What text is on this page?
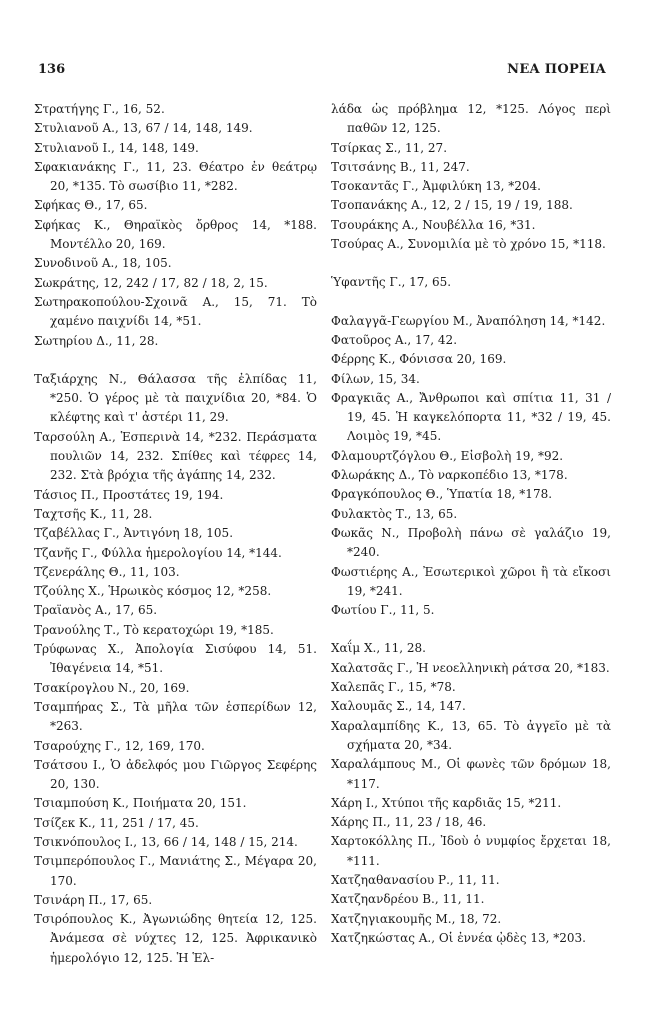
136	ΝΕΑ ΠΟΡΕΙΑ
Στρατήγης Γ., 16, 52.
Στυλιανοῦ Α., 13, 67 / 14, 148, 149.
Στυλιανοῦ Ι., 14, 148, 149.
Σφακιανάκης Γ., 11, 23. Θέατρο ἐν θεάτρῳ 20, *135. Τὸ σωσίβιο 11, *282.
Σφήκας Θ., 17, 65.
Σφήκας Κ., Θηραϊκὸς ὄρθρος 14, *188. Μοντέλλο 20, 169.
Συνοδινοῦ Α., 18, 105.
Σωκράτης, 12, 242 / 17, 82 / 18, 2, 15.
Σωτηρακοπούλου-Σχοινᾶ Α., 15, 71. Τὸ χαμένο παιχνίδι 14, *51.
Σωτηρίου Δ., 11, 28.
Ταξιάρχης Ν., Θάλασσα τῆς ἐλπίδας 11, *250. Ὁ γέρος μὲ τὰ παιχνίδια 20, *84. Ὁ κλέφτης καὶ τ' ἀστέρι 11, 29.
Ταρσούλη Α., Ἑσπερινὰ 14, *232. Περάσματα πουλιῶν 14, 232. Σπίθες καὶ τέφρες 14, 232. Στὰ βρόχια τῆς ἀγάπης 14, 232.
Τάσιος Π., Προστάτες 19, 194.
Ταχτσῆς Κ., 11, 28.
Τζαβέλλας Γ., Ἀντιγόνη 18, 105.
Τζανῆς Γ., Φύλλα ἡμερολογίου 14, *144.
Τζενεράλης Θ., 11, 103.
Τζούλης Χ., Ἡρωικὸς κόσμος 12, *258.
Τραϊανὸς Α., 17, 65.
Τρανούλης Τ., Τὸ κερατοχώρι 19, *185.
Τρύφωνας Χ., Ἀπολογία Σισύφου 14, 51. Ἰθαγένεια 14, *51.
Τσακίρογλου Ν., 20, 169.
Τσαμπήρας Σ., Τὰ μῆλα τῶν ἑσπερίδων 12, *263.
Τσαρούχης Γ., 12, 169, 170.
Τσάτσου Ι., Ὁ ἀδελφός μου Γιῶργος Σεφέρης 20, 130.
Τσιαμπούση Κ., Ποιήματα 20, 151.
Τσίζεκ Κ., 11, 251 / 17, 45.
Τσικνόπουλος Ι., 13, 66 / 14, 148 / 15, 214.
Τσιμπερόπουλος Γ., Μανιάτης Σ., Μέγαρα 20, 170.
Τσινάρη Π., 17, 65.
Τσιρόπουλος Κ., Ἀγωνιώδης θητεία 12, 125. Ἀνάμεσα σὲ νύχτες 12, 125. Ἀφρικανικὸ ἡμερολόγιο 12, 125. Ἡ Ἑλ-
λάδα ὡς πρόβλημα 12, *125. Λόγος περὶ παθῶν 12, 125.
Τσίρκας Σ., 11, 27.
Τσιτσάνης Β., 11, 247.
Τσοκαντᾶς Γ., Ἀμφιλύκη 13, *204.
Τσοπανάκης Α., 12, 2 / 15, 19 / 19, 188.
Τσουράκης Α., Νουβέλλα 16, *31.
Τσούρας Α., Συνομιλία μὲ τὸ χρόνο 15, *118.
Ὑφαντῆς Γ., 17, 65.
Φαλαγγᾶ-Γεωργίου Μ., Ἀναπόληση 14, *142.
Φατοῦρος Α., 17, 42.
Φέρρης Κ., Φόνισσα 20, 169.
Φίλων, 15, 34.
Φραγκιᾶς Α., Ἄνθρωποι καὶ σπίτια 11, 31 / 19, 45. Ἡ καγκελόπορτα 11, *32 / 19, 45. Λοιμὸς 19, *45.
Φλαμουρτζόγλου Θ., Εἰσβολὴ 19, *92.
Φλωράκης Δ., Τὸ ναρκοπέδιο 13, *178.
Φραγκόπουλος Θ., Ὑπατία 18, *178.
Φυλακτὸς Τ., 13, 65.
Φωκᾶς Ν., Προβολὴ πάνω σὲ γαλάζιο 19, *240.
Φωστιέρης Α., Ἐσωτερικοὶ χῶροι ἢ τὰ εἴκοσι 19, *241.
Φωτίου Γ., 11, 5.
Χαΐμ Χ., 11, 28.
Χαλατσᾶς Γ., Ἡ νεοελληνικὴ ράτσα 20, *183.
Χαλεπᾶς Γ., 15, *78.
Χαλουμᾶς Σ., 14, 147.
Χαραλαμπίδης Κ., 13, 65. Τὸ ἀγγεῖο μὲ τὰ σχήματα 20, *34.
Χαραλάμπους Μ., Οἱ φωνὲς τῶν δρόμων 18, *117.
Χάρη Ι., Χτύποι τῆς καρδιᾶς 15, *211.
Χάρης Π., 11, 23 / 18, 46.
Χαρτοκόλλης Π., Ἰδοὺ ὁ νυμφίος ἔρχεται 18, *111.
Χατζηαθανασίου Ρ., 11, 11.
Χατζηανδρέου Β., 11, 11.
Χατζηγιακουμῆς Μ., 18, 72.
Χατζηκώστας Α., Οἱ ἐννέα ᾠδὲς 13, *203.
